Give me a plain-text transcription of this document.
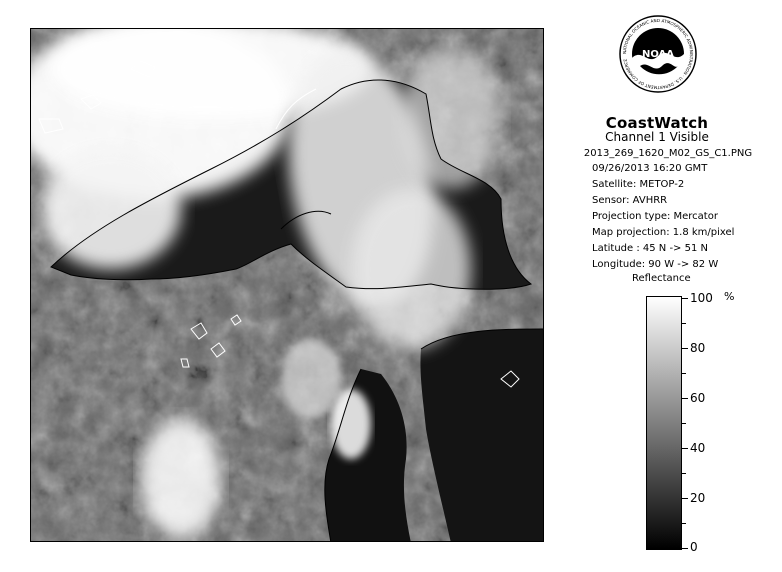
NOAA
NATIONAL OCEANIC AND ATMOSPHERIC ADMINISTRATION · U.S. DEPARTMENT OF COMMERCE
CoastWatch
Channel 1 Visible
2013_269_1620_M02_GS_C1.PNG
09/26/2013 16:20 GMT
Satellite: METOP-2
Sensor: AVHRR
Projection type: Mercator
Map projection: 1.8 km/pixel
Latitude : 45 N -> 51 N
Longitude: 90 W -> 82 W
Reflectance
%
100
80
60
40
20
0
